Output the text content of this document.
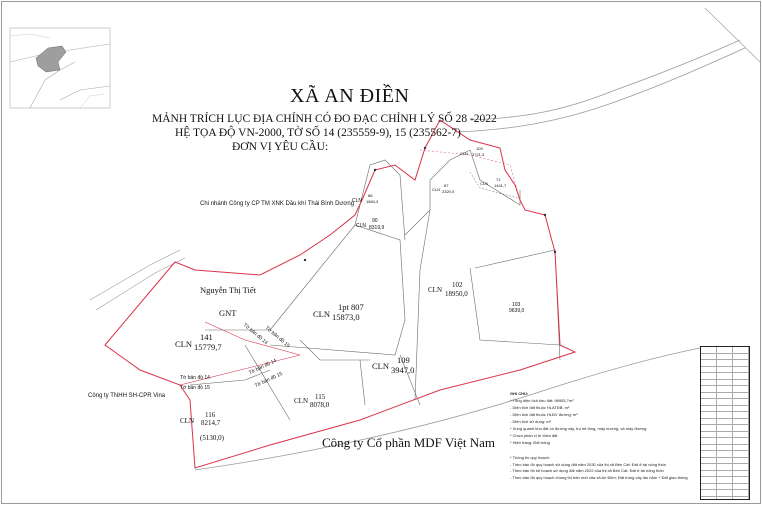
XÃ AN ĐIỀN
MẢNH TRÍCH LỤC ĐỊA CHÍNH CÓ ĐO ĐẠC CHỈNH LÝ SỐ 28 -2022
HỆ TỌA ĐỘ VN-2000, TỜ SỐ 14 (235559-9), 15 (235562-7)
ĐƠN VỊ YÊU CẦU:
Chi nhánh Công ty CP TM XNK Dầu khí Thái Bình Dương
Nguyễn Thị Tiết
GNT
Công ty TNHH SH-CPR Vina
CLN
141
15779,7
CLN
1pt 807
15873,0
CLN
109
3947,0
CLN
102
18950,0
103
9639,0
CLN 115
8078,0
CLN
116
8214,7
(5130,0)
CLN
90
8319,9
CLN
88
1684,3
CLN
87
2320,0
CLN
71
1441,7
CLN
109
3721,3
Tờ bản đồ 14
Tờ bản đồ 15
Tờ bản đồ 14
Tờ bản đồ 15
Tờ bản đồ 14
Tờ bản đồ 15
Công ty Cổ phần MDF Việt Nam
GHI CHÚ:
* Tổng diện tích khu đất: 96953,7m²
- Diện tích đất thuộc HLATĐB: m²
- Diện tích đất thuộc HLĐV đường: m²
- Diện tích sử dụng: m²
* Xung quanh khu đất có đường xây, trụ bê tông, máy nướng, và máy đường
* Chưa phân vị trí thửa đất
* Hiện trạng: Đất trống
* Thông tin quy hoạch:
- Theo bản đồ quy hoạch sử dụng đất năm 2030 của thị xã Bến Cát: Đất ở tại nông thôn
- Theo bản đồ kế hoạch sử dụng đất năm 2022 của thị xã Bến Cát: Đất ở tại nông thôn
- Theo bản đồ quy hoạch chung thị trấn mới của xã An Điền: Đất trồng cây lâu năm + Đất giao thông
